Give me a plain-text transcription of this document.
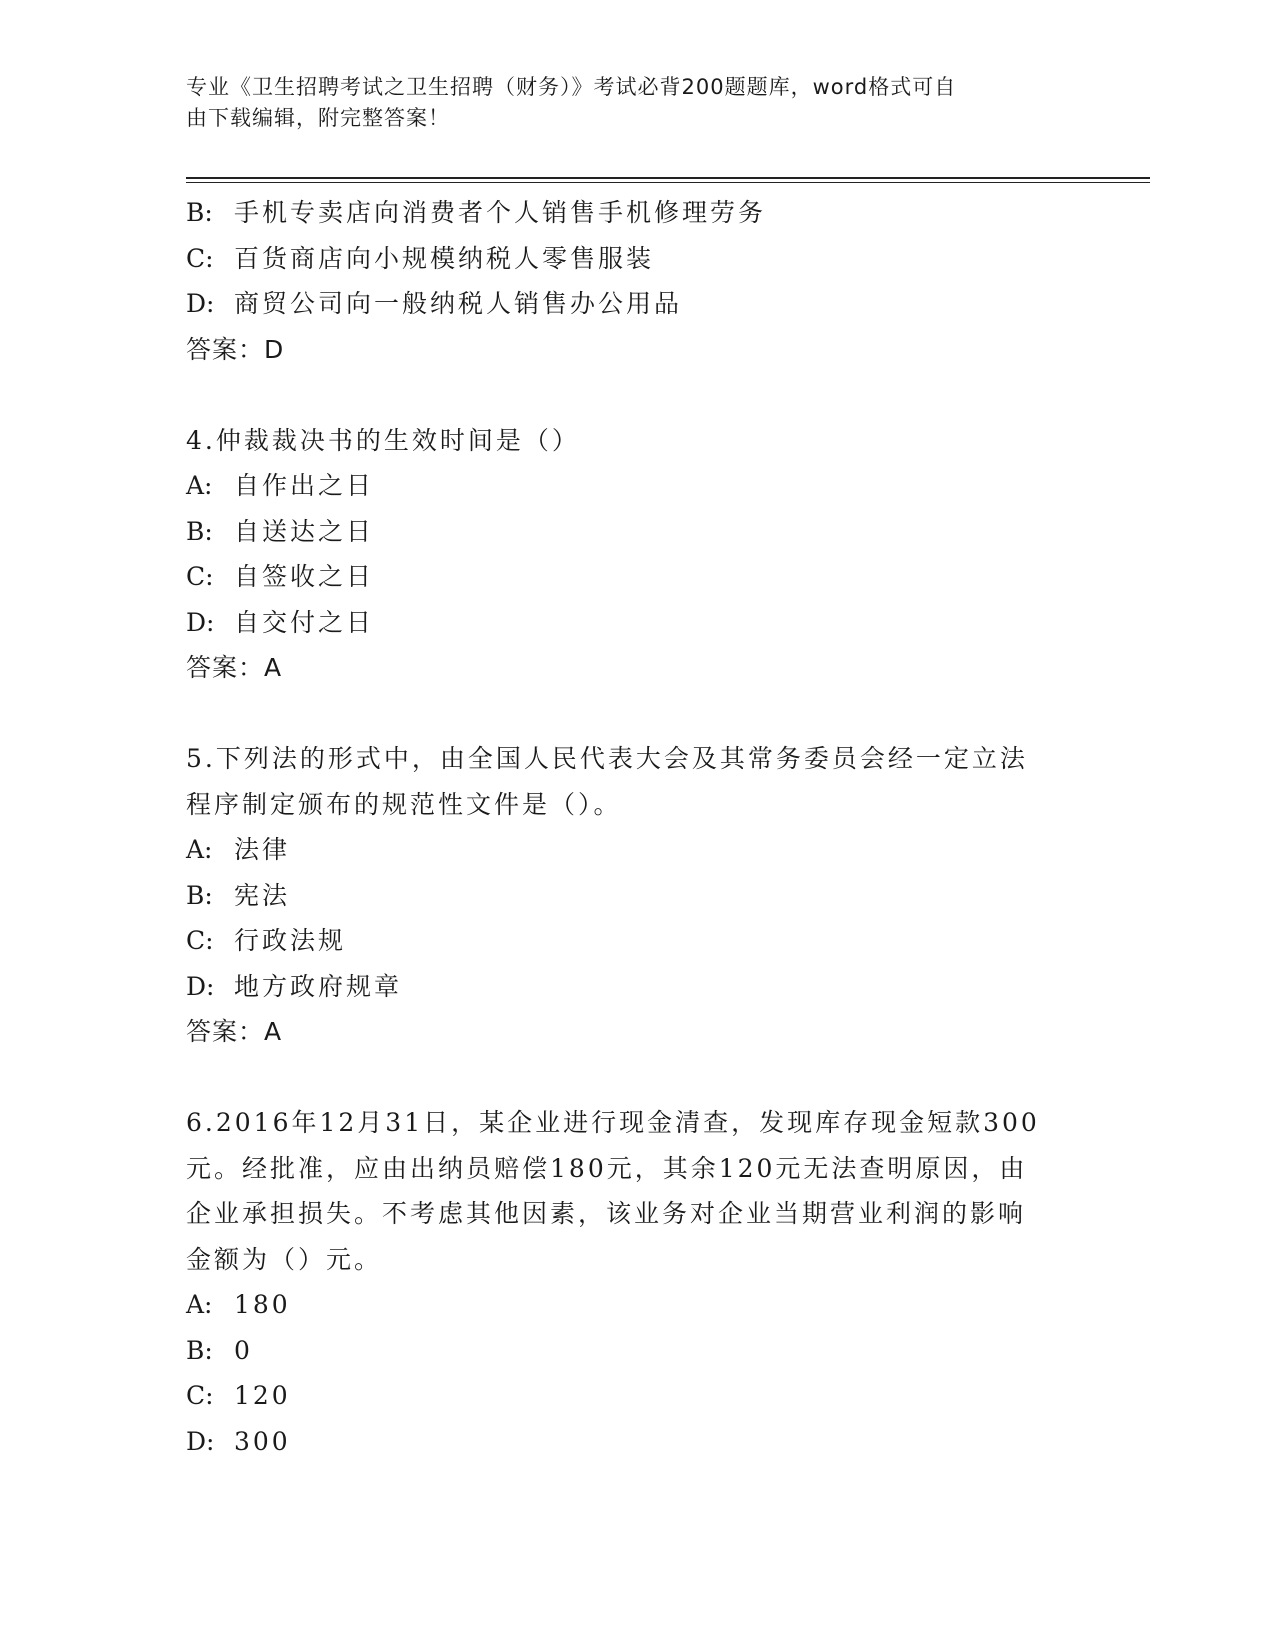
专业《卫生招聘考试之卫生招聘（财务）》考试必背200题题库，word格式可自
由下载编辑，附完整答案！
B: 手机专卖店向消费者个人销售手机修理劳务
C: 百货商店向小规模纳税人零售服装
D: 商贸公司向一般纳税人销售办公用品
答案：D
4.仲裁裁决书的生效时间是（）
A: 自作出之日
B: 自送达之日
C: 自签收之日
D: 自交付之日
答案：A
5.下列法的形式中，由全国人民代表大会及其常务委员会经一定立法
程序制定颁布的规范性文件是（）。
A: 法律
B: 宪法
C: 行政法规
D: 地方政府规章
答案：A
6.2016年12月31日，某企业进行现金清查，发现库存现金短款300
元。经批准，应由出纳员赔偿180元，其余120元无法查明原因，由
企业承担损失。不考虑其他因素，该业务对企业当期营业利润的影响
金额为（）元。
A: 180
B: 0
C: 120
D: 300
